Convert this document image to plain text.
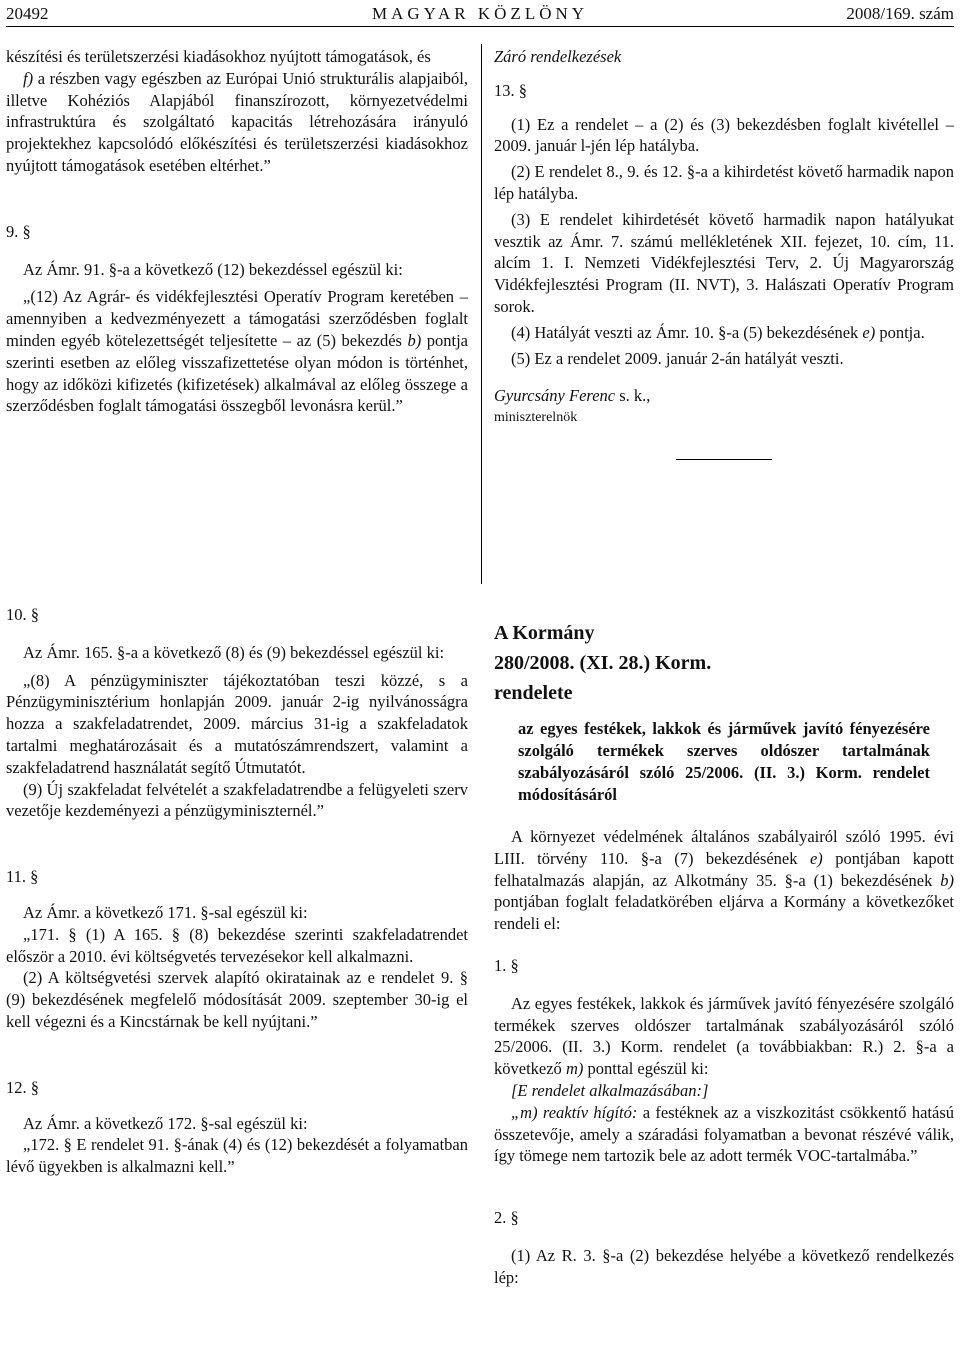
20492	MAGYAR KÖZLÖNY	2008/169. szám

készítési és területszerzési kiadásokhoz nyújtott támogatások, és

f) a részben vagy egészben az Európai Unió strukturális alapjaiból, illetve Kohéziós Alapjából finanszírozott, környezetvédelmi infrastruktúra és szolgáltató kapacitás létrehozására irányuló projektekhez kapcsolódó előkészítési és területszerzési kiadásokhoz nyújtott támogatások esetében eltérhet.”

9. §

Az Ámr. 91. §-a a következő (12) bekezdéssel egészül ki:

„(12) Az Agrár- és vidékfejlesztési Operatív Program keretében – amennyiben a kedvezményezett a támogatási szerződésben foglalt minden egyéb kötelezettségét teljesítette – az (5) bekezdés b) pontja szerinti esetben az előleg visszafizettetése olyan módon is történhet, hogy az időközi kifizetés (kifizetések) alkalmával az előleg összege a szerződésben foglalt támogatási összegből levonásra kerül.”

10. §

Az Ámr. 165. §-a a következő (8) és (9) bekezdéssel egészül ki:

„(8) A pénzügyminiszter tájékoztatóban teszi közzé, s a Pénzügyminisztérium honlapján 2009. január 2-ig nyilvánosságra hozza a szakfeladatrendet, 2009. március 31-ig a szakfeladatok tartalmi meghatározásait és a mutatószámrendszert, valamint a szakfeladatrend használatát segítő Útmutatót.

(9) Új szakfeladat felvételét a szakfeladatrendbe a felügyeleti szerv vezetője kezdeményezi a pénzügyminiszternél.”

11. §

Az Ámr. a következő 171. §-sal egészül ki:

„171. § (1) A 165. § (8) bekezdése szerinti szakfeladatrendet először a 2010. évi költségvetés tervezésekor kell alkalmazni.

(2) A költségvetési szervek alapító okiratainak az e rendelet 9. § (9) bekezdésének megfelelő módosítását 2009. szeptember 30-ig el kell végezni és a Kincstárnak be kell nyújtani.”

12. §

Az Ámr. a következő 172. §-sal egészül ki:

„172. § E rendelet 91. §-ának (4) és (12) bekezdését a folyamatban lévő ügyekben is alkalmazni kell.”

Záró rendelkezések

13. §

(1) Ez a rendelet – a (2) és (3) bekezdésben foglalt kivétellel – 2009. január l-jén lép hatályba.

(2) E rendelet 8., 9. és 12. §-a a kihirdetést követő harmadik napon lép hatályba.

(3) E rendelet kihirdetését követő harmadik napon hatályukat vesztik az Ámr. 7. számú mellékletének XII. fejezet, 10. cím, 11. alcím 1. I. Nemzeti Vidékfejlesztési Terv, 2. Új Magyarország Vidékfejlesztési Program (II. NVT), 3. Halászati Operatív Program sorok.

(4) Hatályát veszti az Ámr. 10. §-a (5) bekezdésének e) pontja.

(5) Ez a rendelet 2009. január 2-án hatályát veszti.

Gyurcsány Ferenc s. k.,

miniszterelnök

A Kormány

280/2008. (XI. 28.) Korm.

rendelete

az egyes festékek, lakkok és járművek javító fényezésére szolgáló termékek szerves oldószer tartalmának szabályozásáról szóló 25/2006. (II. 3.) Korm. rendelet módosításáról

A környezet védelmének általános szabályairól szóló 1995. évi LIII. törvény 110. §-a (7) bekezdésének e) pontjában kapott felhatalmazás alapján, az Alkotmány 35. §-a (1) bekezdésének b) pontjában foglalt feladatkörében eljárva a Kormány a következőket rendeli el:

1. §

Az egyes festékek, lakkok és járművek javító fényezésére szolgáló termékek szerves oldószer tartalmának szabályozásáról szóló 25/2006. (II. 3.) Korm. rendelet (a továbbiakban: R.) 2. §-a a következő m) ponttal egészül ki:

[E rendelet alkalmazásában:]

„m) reaktív hígító: a festéknek az a viszkozitást csökkentő hatású összetevője, amely a száradási folyamatban a bevonat részévé válik, így tömege nem tartozik bele az adott termék VOC-tartalmába.”

2. §

(1) Az R. 3. §-a (2) bekezdése helyébe a következő rendelkezés lép:
